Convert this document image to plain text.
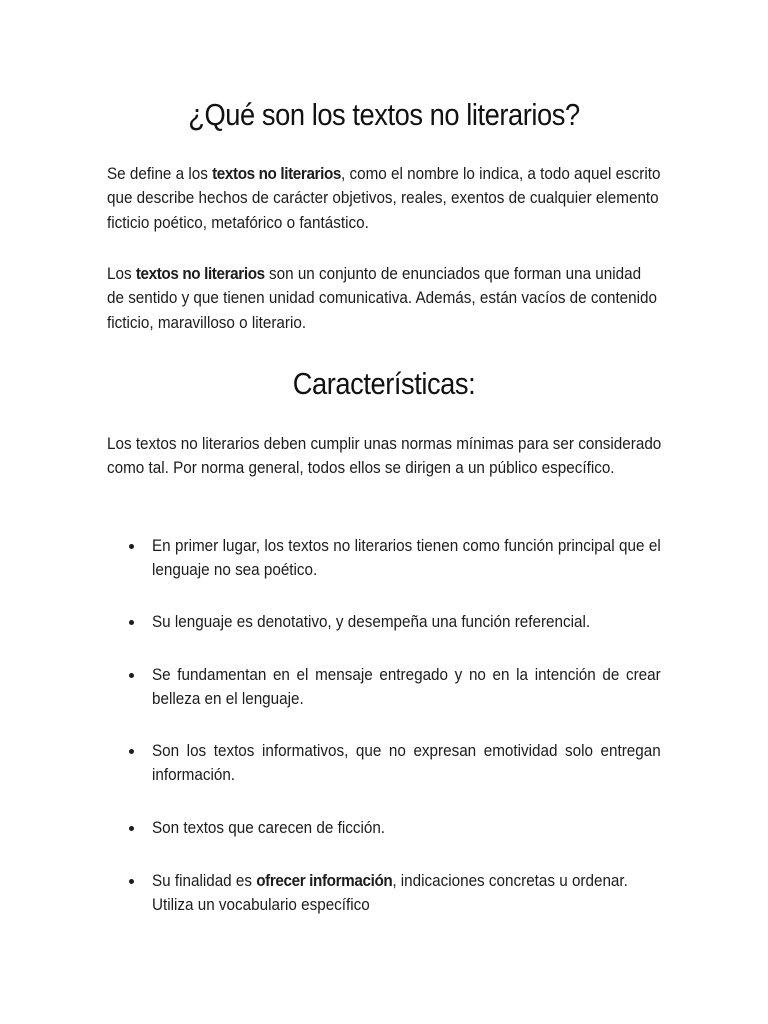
¿Qué son los textos no literarios?

Se define a los textos no literarios, como el nombre lo indica, a todo aquel escrito que describe hechos de carácter objetivos, reales, exentos de cualquier elemento ficticio poético, metafórico o fantástico.

Los textos no literarios son un conjunto de enunciados que forman una unidad de sentido y que tienen unidad comunicativa. Además, están vacíos de contenido ficticio, maravilloso o literario.

Características:

Los textos no literarios deben cumplir unas normas mínimas para ser considerado como tal. Por norma general, todos ellos se dirigen a un público específico.

En primer lugar, los textos no literarios tienen como función principal que el lenguaje no sea poético.
Su lenguaje es denotativo, y desempeña una función referencial.
Se fundamentan en el mensaje entregado y no en la intención de crear belleza en el lenguaje.
Son los textos informativos, que no expresan emotividad solo entregan información.
Son textos que carecen de ficción.
Su finalidad es ofrecer información, indicaciones concretas u ordenar. Utiliza un vocabulario específico
